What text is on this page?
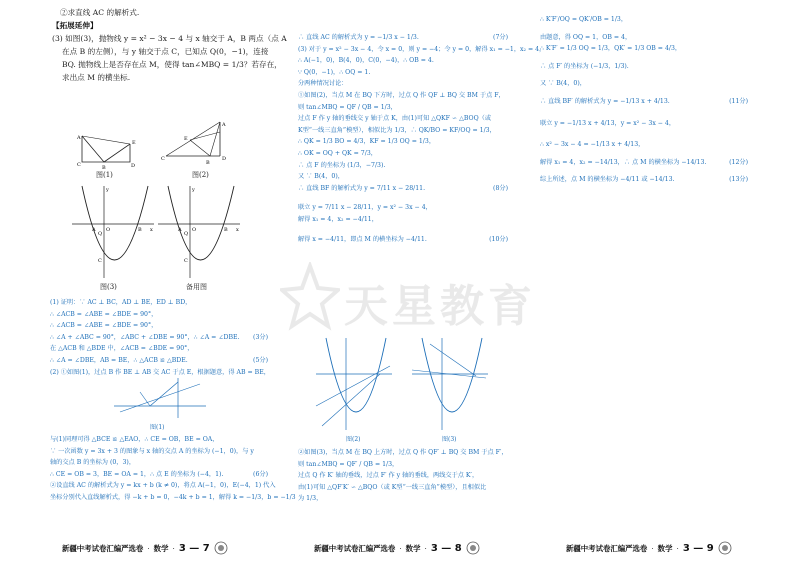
②求直线 AC 的解析式.
【拓展延伸】
(3) 如图(3)，抛物线 y = x² − 3x − 4 与 x 轴交于 A，B 两点（点 A
在点 B 的左侧），与 y 轴交于点 C，已知点 Q(0，−1)，连接
BQ. 抛物线上是否存在点 M，使得 tan∠MBQ = 1/3？若存在，
求出点 M 的横坐标.
A
C	B	D
E
图(1)
A
C
B
D
E
图(2)
y
x
A O
Q
B
C
图(3)
y
x
A O
Q
B
C
备用图
(1) 证明：∵ AC ⊥ BC，AD ⊥ BE，ED ⊥ BD，
∴ ∠ACB = ∠ABE = ∠BDE = 90°，
∴ ∠ACB = ∠ABE = ∠BDE = 90°，
∴ ∠A + ∠ABC = 90°，∠ABC + ∠DBE = 90°，∴ ∠A = ∠DBE. (3分)
在 △ACB 和 △BDE 中，∠ACB = ∠BDE = 90°，
∴ ∠A = ∠DBE，AB = BE，∴ △ACB ≌ △BDE.	(5分)
(2) ①如图(1)，过点 B 作 BE ⊥ AB 交 AC 于点 E，根据题意，得 AB = BE，
图(1)
与(1)同理可得 △BCE ≌ △EAO，∴ CE = OB，BE = OA，
∵ 一次函数 y = 3x + 3 的图象与 x 轴的交点 A 的坐标为 (−1，0)，与 y
轴的交点 B 的坐标为 (0，3)，
∴ CE = OB = 3，BE = OA = 1，∴ 点 E 的坐标为 (−4，1).	(6分)
②设直线 AC 的解析式为 y = kx + b (k ≠ 0)，将点 A(−1，0)，E(−4，1) 代入
坐标分别代入直线解析式，得 −k + b = 0，−4k + b = 1，解得 k = −1/3，b = −1/3
新疆中考试卷汇编严选卷 · 数学 · 3 — 7
∴ 直线 AC 的解析式为 y = −1/3 x − 1/3.	(7分)
(3) 对于 y = x² − 3x − 4，令 x = 0，则 y = −4；令 y = 0，解得 x₁ = −1，x₂ = 4，
∴ A(−1，0)，B(4，0)，C(0，−4)，∴ OB = 4.
∵ Q(0，−1)，∴ OQ = 1.
分两种情况讨论：
①如图(2)，当点 M 在 BQ 下方时，过点 Q 作 QF ⊥ BQ 交 BM 于点 F，
则 tan∠MBQ = QF / QB = 1/3，
过点 F 作 y 轴的垂线交 y 轴于点 K，由(1)可知 △QKF ∽ △BOQ（或
K型“一线三直角”模型），相似比为 1/3，∴ QK/BO = KF/OQ = 1/3，
∴ QK = 1/3 BO = 4/3，KF = 1/3 OQ = 1/3，
∴ OK = OQ + QK = 7/3，
∴ 点 F 的坐标为 (1/3，−7/3).
又 ∵ B(4，0)，
∴ 直线 BF 的解析式为 y = 7/11 x − 28/11.	(8分)
联立 y = 7/11 x − 28/11，y = x² − 3x − 4，
解得 x₁ = 4，x₂ = −4/11，
解得 x = −4/11，即点 M 的横坐标为 −4/11.	(10分)
图(2)	图(3)
②如图(3)，当点 M 在 BQ 上方时，过点 Q 作 QF′ ⊥ BQ 交 BM 于点 F′，
则 tan∠MBQ = QF′ / QB = 1/3，
过点 Q 作 K′ 轴的垂线，过点 F′ 作 y 轴的垂线，两线交于点 K′，
由(1)可知 △QF′K′ ∽ △BQO（或 K型“一线三直角”模型），且相似比
为 1/3，
新疆中考试卷汇编严选卷 · 数学 · 3 — 8
∴ K′F′/OQ = QK′/OB = 1/3，
由题意，得 OQ = 1，OB = 4，
∴ K′F′ = 1/3 OQ = 1/3，QK′ = 1/3 OB = 4/3，
∴ 点 F′ 的坐标为 (−1/3，1/3).
又 ∵ B(4，0)，
∴ 直线 BF′ 的解析式为 y = −1/13 x + 4/13.	(11分)
联立 y = −1/13 x + 4/13，y = x² − 3x − 4，
∴ x² − 3x − 4 = −1/13 x + 4/13，
解得 x₁ = 4，x₂ = −14/13，∴ 点 M 的横坐标为 −14/13.	(12分)
综上所述，点 M 的横坐标为 −4/11 或 −14/13.	(13分)
新疆中考试卷汇编严选卷 · 数学 · 3 — 9
天星教育
